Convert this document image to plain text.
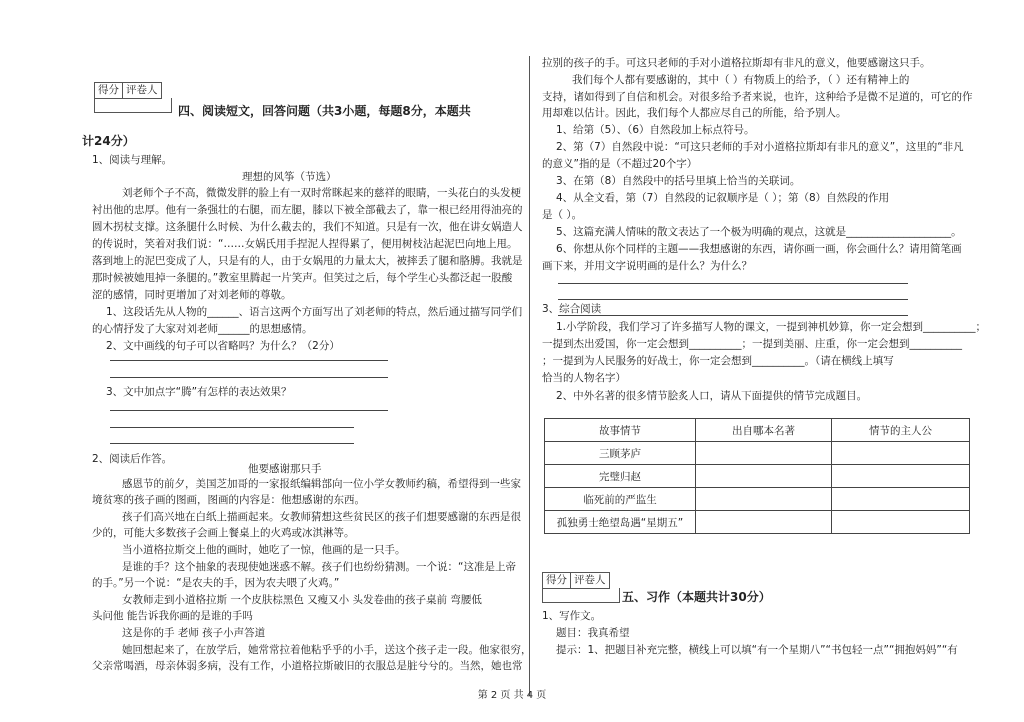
得分 评卷人
四、阅读短文，回答问题（共3小题，每题8分，本题共
计24分）
1、阅读与理解。
理想的风筝（节选）
刘老师个子不高，微微发胖的脸上有一双时常眯起来的慈祥的眼睛，一头花白的头发梗
衬出他的忠厚。他有一条强壮的右腿，而左腿，膝以下被全部截去了，靠一根已经用得油亮的
圆木拐杖支撑。这条腿什么时候、为什么截去的，我们不知道。只是有一次，他在讲女娲造人
的传说时，笑着对我们说：“……女娲氏用手捏泥人捏得累了，便用树枝沾起泥巴向地上甩。
落到地上的泥巴变成了人，只是有的人，由于女娲甩的力量太大，被摔丢了腿和胳膊。我就是
那时候被她甩掉一条腿的。”教室里腾起一片笑声。但笑过之后，每个学生心头都泛起一股酸
涩的感情，同时更增加了对刘老师的尊敬。
1、这段话先从人物的______、语言这两个方面写出了刘老师的特点，然后通过描写同学们
的心情抒发了大家对刘老师______的思想感情。
2、文中画线的句子可以省略吗？为什么？（2分）
3、文中加点字“腾”有怎样的表达效果？
2、阅读后作答。
他要感谢那只手
感恩节的前夕，美国芝加哥的一家报纸编辑部向一位小学女教师约稿，希望得到一些家
境贫寒的孩子画的图画，图画的内容是：他想感谢的东西。
孩子们高兴地在白纸上描画起来。女教师猜想这些贫民区的孩子们想要感谢的东西是很
少的，可能大多数孩子会画上餐桌上的火鸡或冰淇淋等。
当小道格拉斯交上他的画时，她吃了一惊，他画的是一只手。
是谁的手？这个抽象的表现使她迷惑不解。孩子们也纷纷猜测。一个说：“这准是上帝
的手。”另一个说：“是农夫的手，因为农夫喂了火鸡。”
女教师走到小道格拉斯 一个皮肤棕黑色 又瘦又小 头发卷曲的孩子桌前 弯腰低
头问他 能告诉我你画的是谁的手吗
这是你的手 老师 孩子小声答道
她回想起来了，在放学后，她常常拉着他粘乎乎的小手，送这个孩子走一段。他家很穷，
父亲常喝酒，母亲体弱多病，没有工作，小道格拉斯破旧的衣服总是脏兮兮的。当然，她也常
拉别的孩子的手。可这只老师的手对小道格拉斯却有非凡的意义，他要感谢这只手。
我们每个人都有要感谢的，其中（ ）有物质上的给予，（ ）还有精神上的
支持，诸如得到了自信和机会。对很多给予者来说，也许，这种给予是微不足道的，可它的作
用却难以估计。因此，我们每个人都应尽自己的所能，给予别人。
1、给第（5）、（6）自然段加上标点符号。
2、第（7）自然段中说：“可这只老师的手对小道格拉斯却有非凡的意义”，这里的“非凡
的意义”指的是（不超过20个字）
3、在第（8）自然段中的括号里填上恰当的关联词。
4、从全文看，第（7）自然段的记叙顺序是（ ）；第（8）自然段的作用
是（ ）。
5、这篇充满人情味的散文表达了一个极为明确的观点，这就是____________________。
6、你想从你个同样的主题——我想感谢的东西，请你画一画，你会画什么？请用简笔画
画下来，并用文字说明画的是什么？为什么？
3、综合阅读
1.小学阶段，我们学习了许多描写人物的课文，一提到神机妙算，你一定会想到__________；
一提到杰出爱国，你一定会想到__________；一提到美丽、庄重，你一定会想到__________
；一提到为人民服务的好战士，你一定会想到__________。（请在横线上填写
恰当的人物名字）
2、中外名著的很多情节脍炙人口，请从下面提供的情节完成题目。
故事情节	出自哪本名著	情节的主人公
三顾茅庐		
完璧归赵		
临死前的严监生		
孤独勇士绝望岛遇“星期五”		
得分 评卷人
五、习作（本题共计30分）
1、写作文。
题目：我真希望
提示：1、把题目补充完整，横线上可以填“有一个星期八”“书包轻一点”“拥抱妈妈”“有
第 2 页 共 4 页
